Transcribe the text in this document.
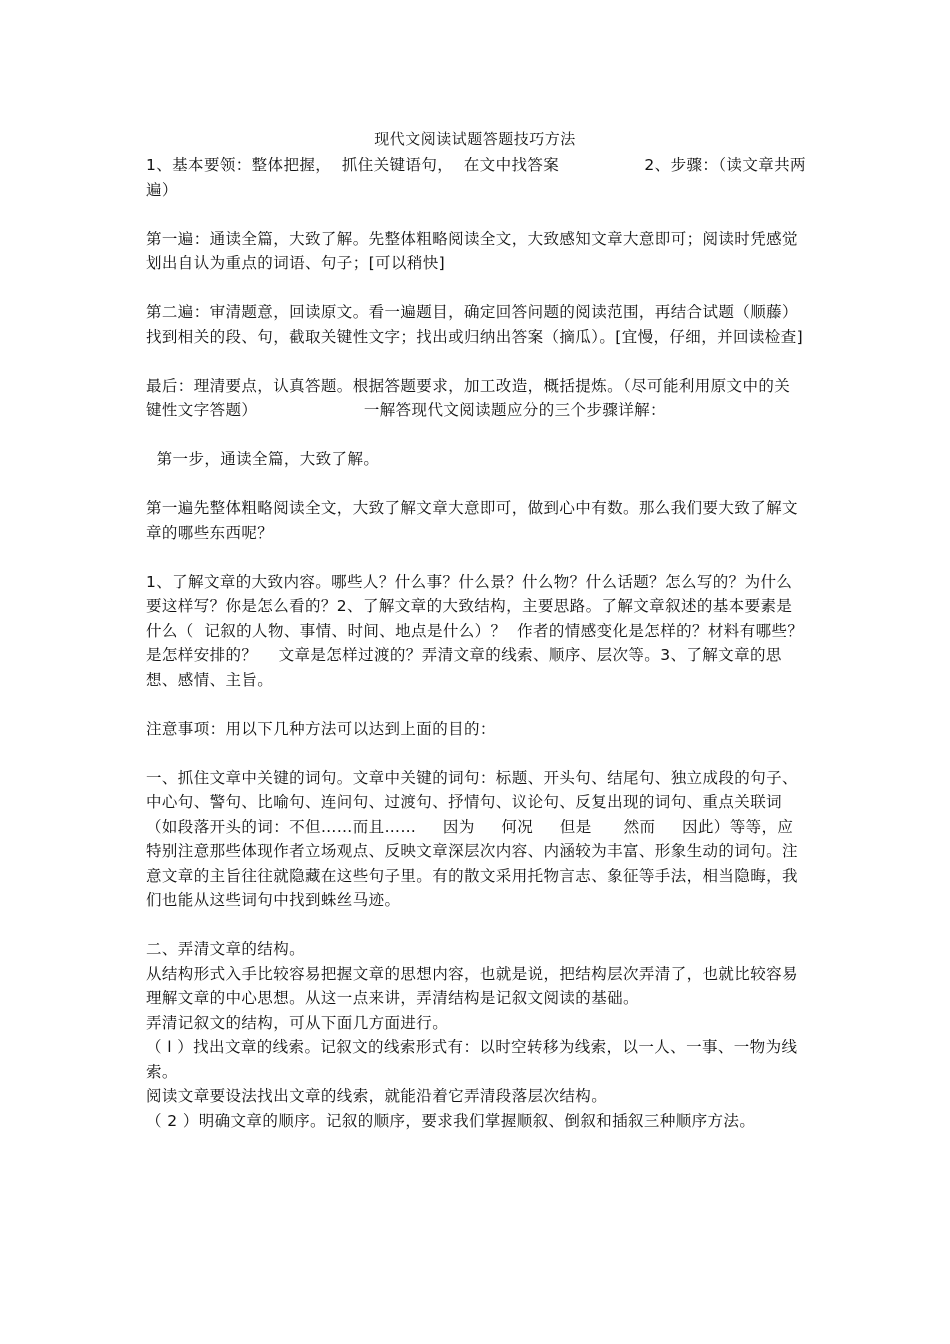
现代文阅读试题答题技巧方法

1、基本要领：整体把握，  抓住关键语句，  在文中找答案                2、步骤：（读文章共两遍）

第一遍：通读全篇，大致了解。先整体粗略阅读全文，大致感知文章大意即可；阅读时凭感觉划出自认为重点的词语、句子；[可以稍快]

第二遍：审清题意，回读原文。看一遍题目，确定回答问题的阅读范围，再结合试题（顺藤）找到相关的段、句，截取关键性文字；找出或归纳出答案（摘瓜）。[宜慢，仔细，并回读检查]

最后：理清要点，认真答题。根据答题要求，加工改造，概括提炼。（尽可能利用原文中的关键性文字答题）                    一解答现代文阅读题应分的三个步骤详解：

第一步，通读全篇，大致了解。

第一遍先整体粗略阅读全文，大致了解文章大意即可，做到心中有数。那么我们要大致了解文章的哪些东西呢？

1、了解文章的大致内容。哪些人？什么事？什么景？什么物？什么话题？怎么写的？为什么要这样写？你是怎么看的？2、了解文章的大致结构，主要思路。了解文章叙述的基本要素是什么（  记叙的人物、事情、时间、地点是什么）？  作者的情感变化是怎样的？材料有哪些？是怎样安排的？    文章是怎样过渡的？弄清文章的线索、顺序、层次等。3、了解文章的思想、感情、主旨。

注意事项：用以下几种方法可以达到上面的目的：

一、抓住文章中关键的词句。文章中关键的词句：标题、开头句、结尾句、独立成段的句子、中心句、警句、比喻句、连问句、过渡句、抒情句、议论句、反复出现的词句、重点关联词（如段落开头的词：不但……而且……     因为     何况     但是      然而     因此）等等，应特别注意那些体现作者立场观点、反映文章深层次内容、内涵较为丰富、形象生动的词句。注意文章的主旨往往就隐藏在这些句子里。有的散文采用托物言志、象征等手法，相当隐晦，我们也能从这些词句中找到蛛丝马迹。

二、弄清文章的结构。

从结构形式入手比较容易把握文章的思想内容，也就是说，把结构层次弄清了，也就比较容易理解文章的中心思想。从这一点来讲，弄清结构是记叙文阅读的基础。

弄清记叙文的结构，可从下面几方面进行。

（ l ）找出文章的线索。记叙文的线索形式有：以时空转移为线索，以一人、一事、一物为线索。

阅读文章要设法找出文章的线索，就能沿着它弄清段落层次结构。

（ 2 ）明确文章的顺序。记叙的顺序，要求我们掌握顺叙、倒叙和插叙三种顺序方法。
